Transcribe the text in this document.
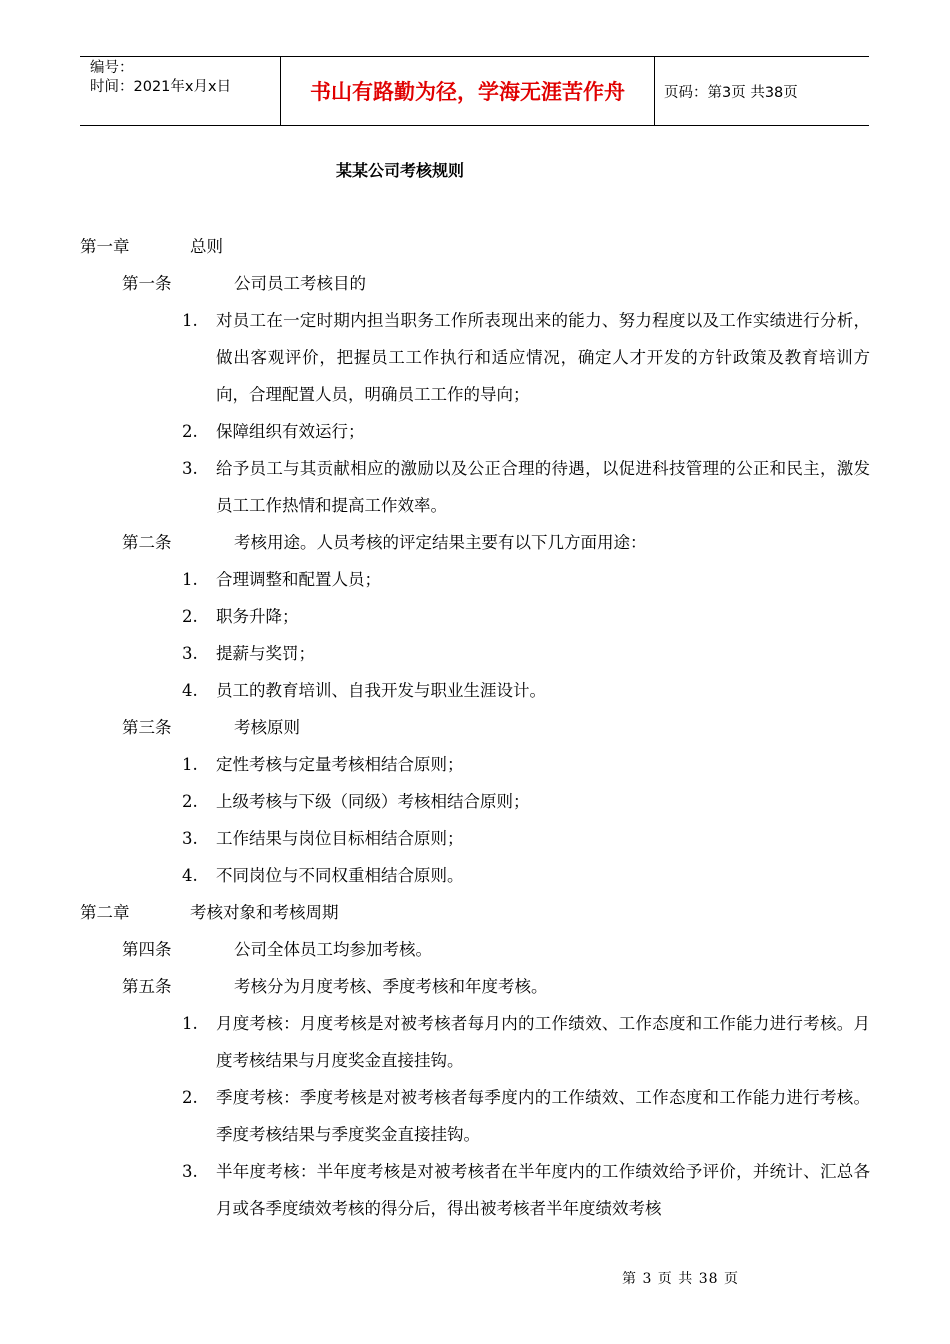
编号：
时间：2021年x月x日	书山有路勤为径，学海无涯苦作舟	页码：第3页 共38页
某某公司考核规则
第一章	总则
第一条	公司员工考核目的
1. 对员工在一定时期内担当职务工作所表现出来的能力、努力程度以及工作实绩进行分析，做出客观评价，把握员工工作执行和适应情况，确定人才开发的方针政策及教育培训方向，合理配置人员，明确员工工作的导向；
2. 保障组织有效运行；
3. 给予员工与其贡献相应的激励以及公正合理的待遇，以促进科技管理的公正和民主，激发员工工作热情和提高工作效率。
第二条	考核用途。人员考核的评定结果主要有以下几方面用途：
1. 合理调整和配置人员；
2. 职务升降；
3. 提薪与奖罚；
4. 员工的教育培训、自我开发与职业生涯设计。
第三条	考核原则
1. 定性考核与定量考核相结合原则；
2. 上级考核与下级（同级）考核相结合原则；
3. 工作结果与岗位目标相结合原则；
4. 不同岗位与不同权重相结合原则。
第二章	考核对象和考核周期
第四条	公司全体员工均参加考核。
第五条	考核分为月度考核、季度考核和年度考核。
1. 月度考核：月度考核是对被考核者每月内的工作绩效、工作态度和工作能力进行考核。月度考核结果与月度奖金直接挂钩。
2. 季度考核：季度考核是对被考核者每季度内的工作绩效、工作态度和工作能力进行考核。季度考核结果与季度奖金直接挂钩。
3. 半年度考核：半年度考核是对被考核者在半年度内的工作绩效给予评价，并统计、汇总各月或各季度绩效考核的得分后，得出被考核者半年度绩效考核
第 3 页 共 38 页
